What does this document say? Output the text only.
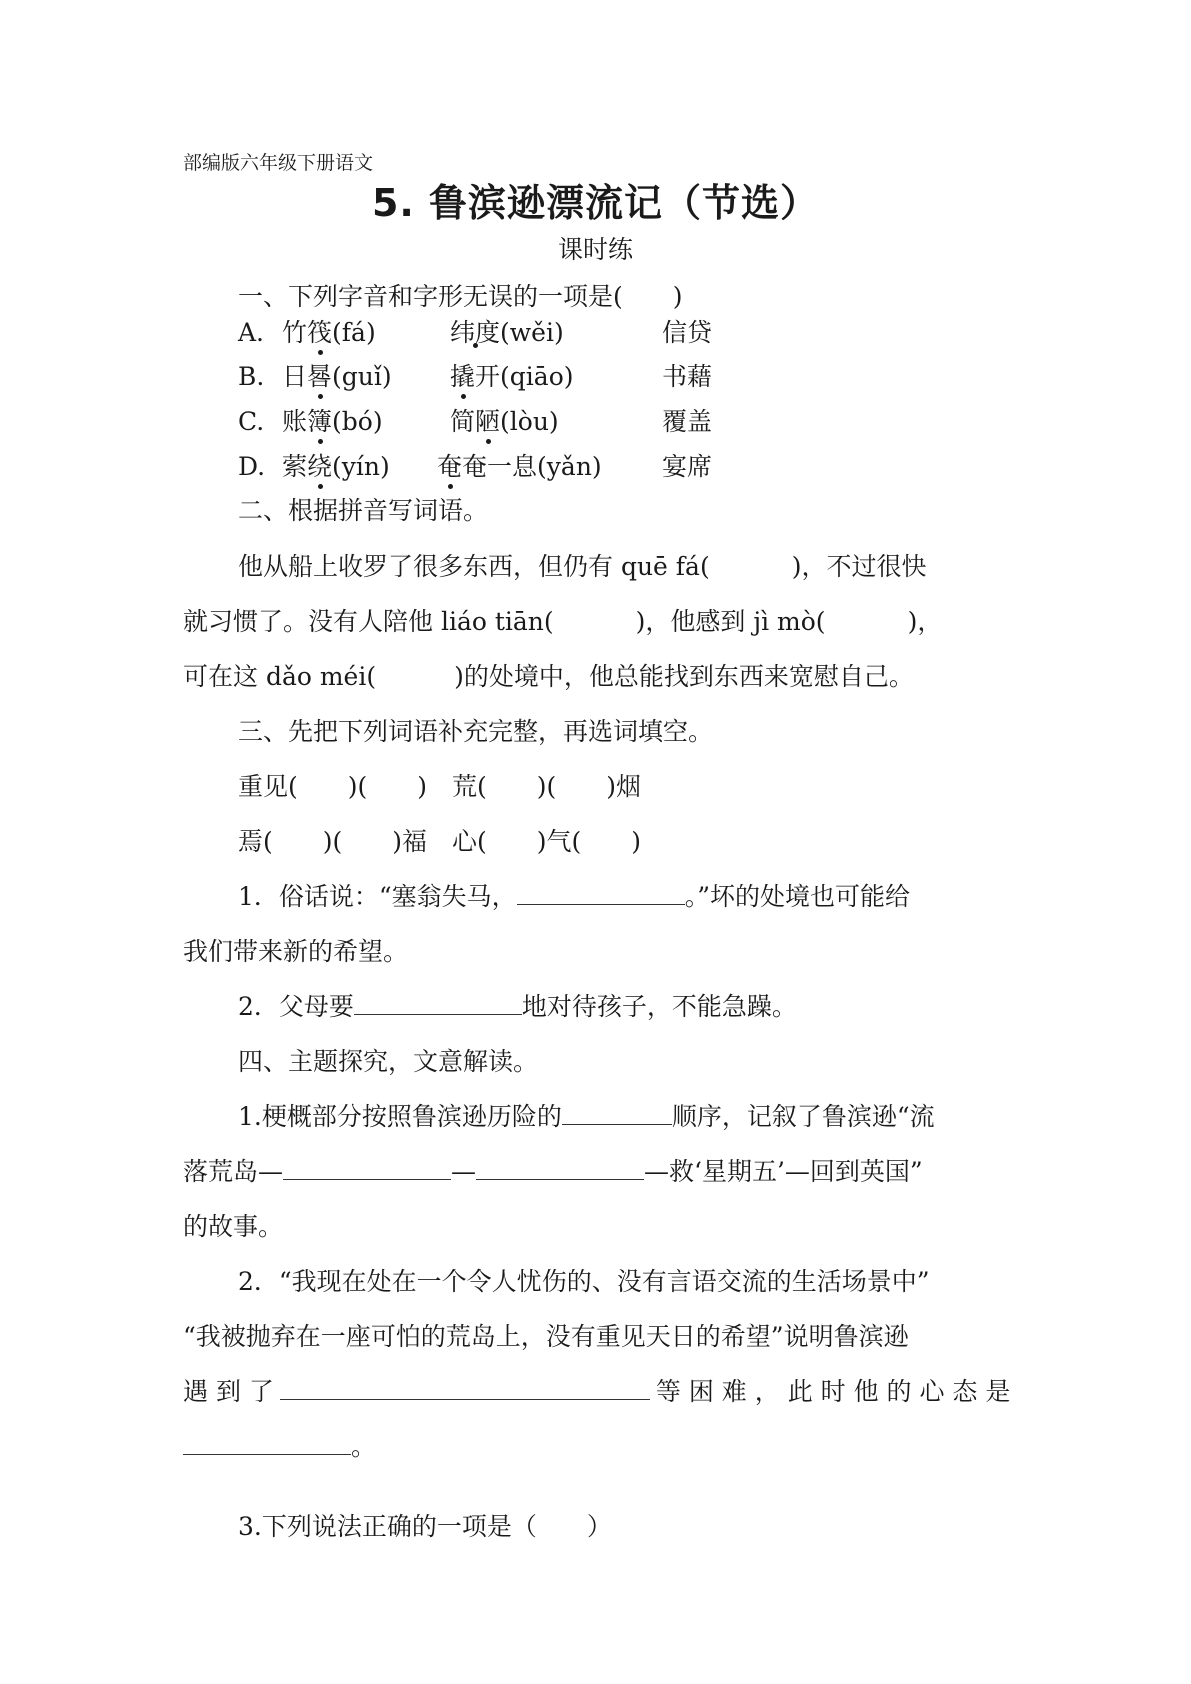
部编版六年级下册语文
5. 鲁滨逊漂流记（节选）
课时练
一、下列字音和字形无误的一项是(　　)
A. 竹筏(fá)	纬度(wěi)	信贷
B. 日晷(guǐ) 撬开(qiāo)	书藉
C. 账簿(bó)	简陋(lòu)	覆盖
D. 萦绕(yín) 奄奄一息(yǎn) 宴席
二、根据拼音写词语。
他从船上收罗了很多东西，但仍有 quē fá(	)，不过很快
就习惯了。没有人陪他 liáo tiān(	)，他感到 jì mò(	)，
可在这 dǎo méi(	)的处境中，他总能找到东西来宽慰自己。
三、先把下列词语补充完整，再选词填空。
重见(　　)(　　)　荒(　　)(　　)烟
焉(　　)(　　)福　心(　　)气(　　)
1．俗话说：“塞翁失马，	。”坏的处境也可能给
我们带来新的希望。
2．父母要	地对待孩子，不能急躁。
四、主题探究，文意解读。
1.梗概部分按照鲁滨逊历险的	顺序，记叙了鲁滨逊“流
落荒岛—	—	—救‘星期五’—回到英国”
的故事。
2．“我现在处在一个令人忧伤的、没有言语交流的生活场景中”
“我被抛弃在一座可怕的荒岛上，没有重见天日的希望”说明鲁滨逊
遇 到 了	等 困 难 ， 此 时 他 的 心 态 是
。
3.下列说法正确的一项是（　　）
